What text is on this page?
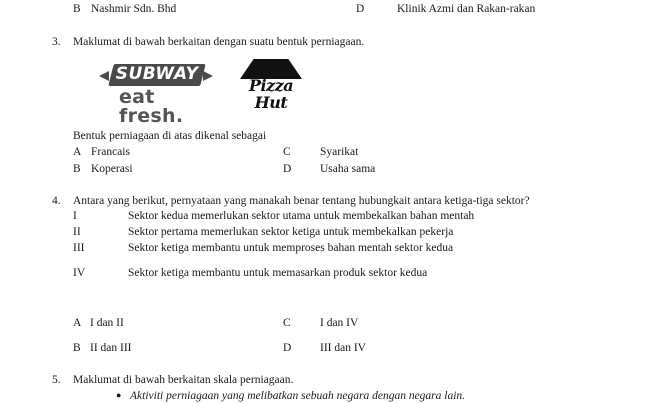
B Nashmir Sdn. Bhd	D	Klinik Azmi dan Rakan-rakan
3. Maklumat di bawah berkaitan dengan suatu bentuk perniagaan.
SUBWAY
eat fresh.
Pizza
Hut
Bentuk perniagaan di atas dikenal sebagai
A Francais
B Koperasi
C	Syarikat
D Usaha sama
4. Antara yang berikut, pernyataan yang manakah benar tentang hubungkait antara ketiga-tiga sektor?
I	Sektor kedua memerlukan sektor utama untuk membekalkan bahan mentah
II	Sektor pertama memerlukan sektor ketiga untuk membekalkan pekerja
III	Sektor ketiga membantu untuk memproses bahan mentah sektor kedua
IV	Sektor ketiga membantu untuk memasarkan produk sektor kedua
A I dan II
B II dan III
C	I dan IV
D III dan IV
5. Maklumat di bawah berkaitan skala perniagaan.
● Aktiviti perniagaan yang melibatkan sebuah negara dengan negara lain.
